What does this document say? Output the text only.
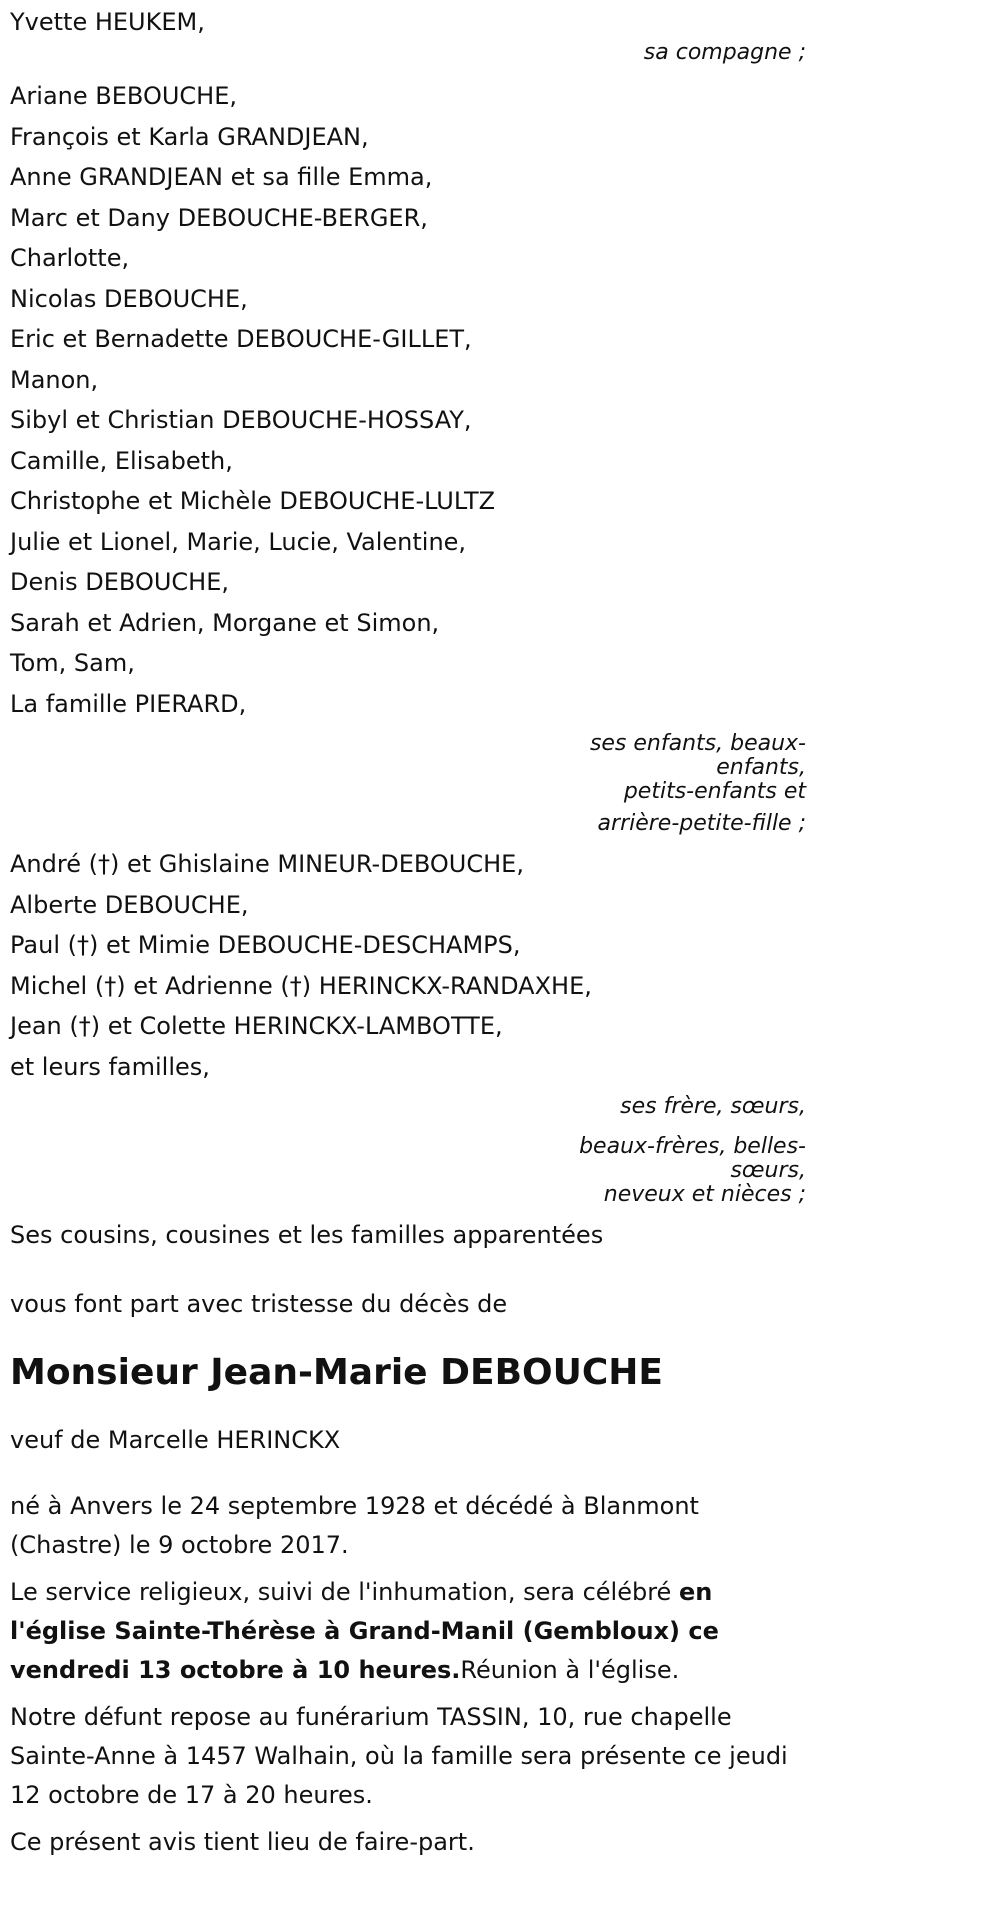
Yvette HEUKEM,
sa compagne ;
Ariane BEBOUCHE,
François et Karla GRANDJEAN,
Anne GRANDJEAN et sa fille Emma,
Marc et Dany DEBOUCHE-BERGER,
Charlotte,
Nicolas DEBOUCHE,
Eric et Bernadette DEBOUCHE-GILLET,
Manon,
Sibyl et Christian DEBOUCHE-HOSSAY,
Camille, Elisabeth,
Christophe et Michèle DEBOUCHE-LULTZ
Julie et Lionel, Marie, Lucie, Valentine,
Denis DEBOUCHE,
Sarah et Adrien, Morgane et Simon,
Tom, Sam,
La famille PIERARD,
ses enfants, beaux-
enfants,
petits-enfants et
arrière-petite-fille ;
André (†) et Ghislaine MINEUR-DEBOUCHE,
Alberte DEBOUCHE,
Paul (†) et Mimie DEBOUCHE-DESCHAMPS,
Michel (†) et Adrienne (†) HERINCKX-RANDAXHE,
Jean (†) et Colette HERINCKX-LAMBOTTE,
et leurs familles,
ses frère, sœurs,
beaux-frères, belles-
sœurs,
neveux et nièces ;
Ses cousins, cousines et les familles apparentées
vous font part avec tristesse du décès de
Monsieur Jean-Marie DEBOUCHE
veuf de Marcelle HERINCKX

né à Anvers le 24 septembre 1928 et décédé à Blanmont (Chastre) le 9 octobre 2017.

Le service religieux, suivi de l'inhumation, sera célébré en l'église Sainte-Thérèse à Grand-Manil (Gembloux) ce vendredi 13 octobre à 10 heures.Réunion à l'église.

Notre défunt repose au funérarium TASSIN, 10, rue chapelle Sainte-Anne à 1457 Walhain, où la famille sera présente ce jeudi 12 octobre de 17 à 20 heures.

Ce présent avis tient lieu de faire-part.
